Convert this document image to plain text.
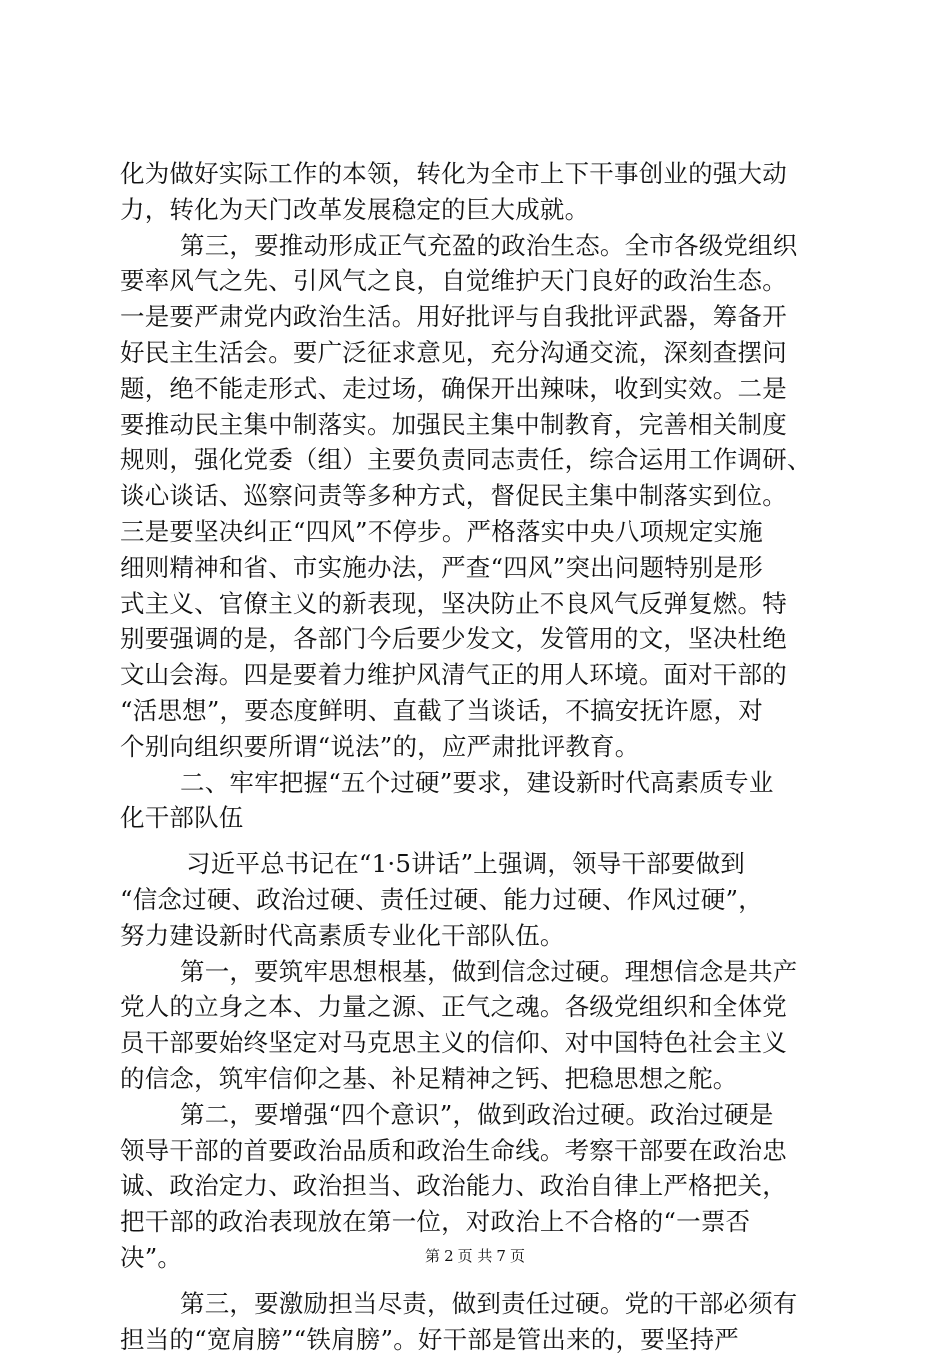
化为做好实际工作的本领，转化为全市上下干事创业的强大动
力，转化为天门改革发展稳定的巨大成就。
第三，要推动形成正气充盈的政治生态。全市各级党组织
要率风气之先、引风气之良，自觉维护天门良好的政治生态。
一是要严肃党内政治生活。用好批评与自我批评武器，筹备开
好民主生活会。要广泛征求意见，充分沟通交流，深刻查摆问
题，绝不能走形式、走过场，确保开出辣味，收到实效。二是
要推动民主集中制落实。加强民主集中制教育，完善相关制度
规则，强化党委（组）主要负责同志责任，综合运用工作调研、
谈心谈话、巡察问责等多种方式，督促民主集中制落实到位。
三是要坚决纠正“四风”不停步。严格落实中央八项规定实施
细则精神和省、市实施办法，严查“四风”突出问题特别是形
式主义、官僚主义的新表现，坚决防止不良风气反弹复燃。特
别要强调的是，各部门今后要少发文，发管用的文，坚决杜绝
文山会海。四是要着力维护风清气正的用人环境。面对干部的
“活思想”，要态度鲜明、直截了当谈话，不搞安抚许愿，对
个别向组织要所谓“说法”的，应严肃批评教育。
二、牢牢把握“五个过硬”要求，建设新时代高素质专业
化干部队伍
习近平总书记在“1·5讲话”上强调，领导干部要做到
“信念过硬、政治过硬、责任过硬、能力过硬、作风过硬”，
努力建设新时代高素质专业化干部队伍。
第一，要筑牢思想根基，做到信念过硬。理想信念是共产
党人的立身之本、力量之源、正气之魂。各级党组织和全体党
员干部要始终坚定对马克思主义的信仰、对中国特色社会主义
的信念，筑牢信仰之基、补足精神之钙、把稳思想之舵。
第二，要增强“四个意识”，做到政治过硬。政治过硬是
领导干部的首要政治品质和政治生命线。考察干部要在政治忠
诚、政治定力、政治担当、政治能力、政治自律上严格把关，
把干部的政治表现放在第一位，对政治上不合格的“一票否
决”。
第三，要激励担当尽责，做到责任过硬。党的干部必须有
担当的“宽肩膀”“铁肩膀”。好干部是管出来的，要坚持严
第 2 页 共 7 页
